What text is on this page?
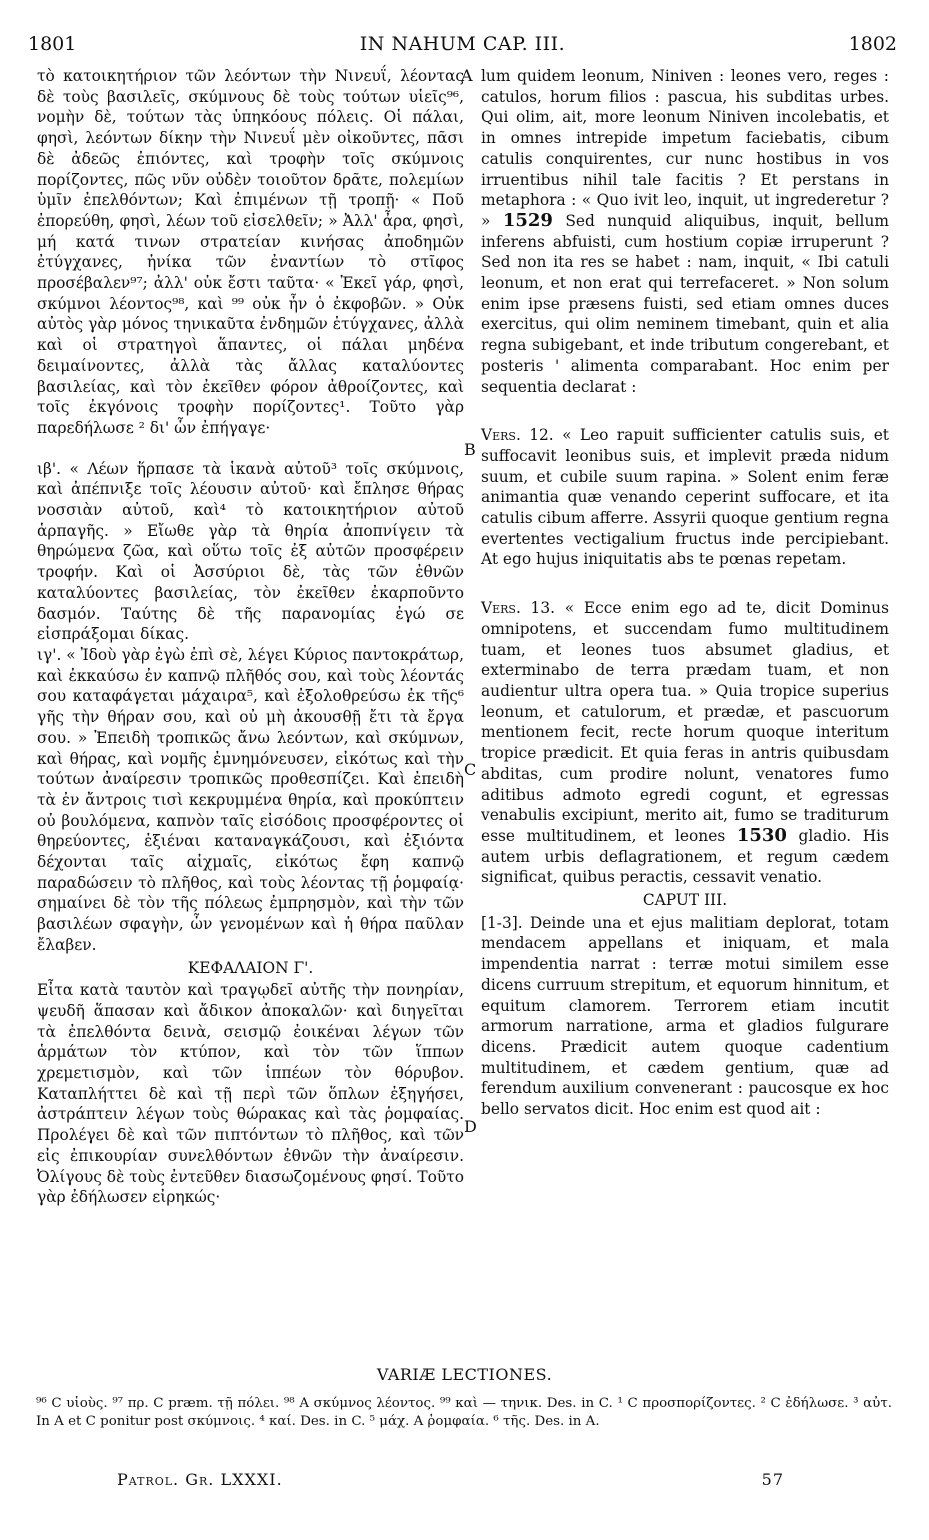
1801	IN NAHUM CAP. III.	1802
A
B
C
D

τὸ κατοικητήριον τῶν λεόντων τὴν Νινευΐ, λέοντας δὲ τοὺς βασιλεῖς, σκύμνους δὲ τοὺς τούτων υἱεῖς⁹⁶, νομὴν δὲ, τούτων τὰς ὑπηκόους πόλεις. Οἱ πάλαι, φησὶ, λεόντων δίκην τὴν Νινευΐ μὲν οἰκοῦντες, πᾶσι δὲ ἀδεῶς ἐπιόντες, καὶ τροφὴν τοῖς σκύμνοις πορίζοντες, πῶς νῦν οὐδὲν τοιοῦτον δρᾶτε, πολεμίων ὑμῖν ἐπελθόντων; Καὶ ἐπιμένων τῇ τροπῇ· « Ποῦ ἐπορεύθη, φησὶ, λέων τοῦ εἰσελθεῖν; » Ἀλλ' ἆρα, φησὶ, μή κατά τινων στρατείαν κινήσας ἀποδημῶν ἐτύγχανες, ἡνίκα τῶν ἐναντίων τὸ στῖφος προσέβαλεν⁹⁷; ἀλλ' οὐκ ἔστι ταῦτα· « Ἐκεῖ γάρ, φησὶ, σκύμνοι λέοντος⁹⁸, καὶ ⁹⁹ οὐκ ἦν ὁ ἐκφοβῶν. » Οὐκ αὐτὸς γὰρ μόνος τηνικαῦτα ἐνδημῶν ἐτύγχανες, ἀλλὰ καὶ οἱ στρατηγοὶ ἅπαντες, οἱ πάλαι μηδένα δειμαίνοντες, ἀλλὰ τὰς ἄλλας καταλύοντες βασιλείας, καὶ τὸν ἐκεῖθεν φόρον ἀθροίζοντες, καὶ τοῖς ἐκγόνοις τροφὴν πορίζοντες¹. Τοῦτο γὰρ παρεδήλωσε ² δι' ὧν ἐπήγαγε·

ιβ'. « Λέων ἥρπασε τὰ ἱκανὰ αὐτοῦ³ τοῖς σκύμνοις, καὶ ἀπέπνιξε τοῖς λέουσιν αὐτοῦ· καὶ ἔπλησε θήρας νοσσιὰν αὐτοῦ, καὶ⁴ τὸ κατοικητήριον αὐτοῦ ἁρπαγῆς. » Εἴωθε γὰρ τὰ θηρία ἀποπνίγειν τὰ θηρώμενα ζῶα, καὶ οὕτω τοῖς ἐξ αὐτῶν προσφέρειν τροφήν. Καὶ οἱ Ἀσσύριοι δὲ, τὰς τῶν ἐθνῶν καταλύοντες βασιλείας, τὸν ἐκεῖθεν ἐκαρποῦντο δασμόν. Ταύτης δὲ τῆς παρανομίας ἐγώ σε εἰσπράξομαι δίκας.

ιγ'. « Ἰδοὺ γὰρ ἐγὼ ἐπὶ σὲ, λέγει Κύριος παντοκράτωρ, καὶ ἐκκαύσω ἐν καπνῷ πλῆθός σου, καὶ τοὺς λέοντάς σου καταφάγεται μάχαιρα⁵, καὶ ἐξολοθρεύσω ἐκ τῆς⁶ γῆς τὴν θήραν σου, καὶ οὐ μὴ ἀκουσθῇ ἔτι τὰ ἔργα σου. » Ἐπειδὴ τροπικῶς ἄνω λεόντων, καὶ σκύμνων, καὶ θήρας, καὶ νομῆς ἐμνημόνευσεν, εἰκότως καὶ τὴν τούτων ἀναίρεσιν τροπικῶς προθεσπίζει. Καὶ ἐπειδὴ τὰ ἐν ἄντροις τισὶ κεκρυμμένα θηρία, καὶ προκύπτειν οὐ βουλόμενα, καπνὸν ταῖς εἰσόδοις προσφέροντες οἱ θηρεύοντες, ἐξιέναι καταναγκάζουσι, καὶ ἐξιόντα δέχονται ταῖς αἰχμαῖς, εἰκότως ἔφη καπνῷ παραδώσειν τὸ πλῆθος, καὶ τοὺς λέοντας τῇ ῥομφαίᾳ· σημαίνει δὲ τὸν τῆς πόλεως ἐμπρησμὸν, καὶ τὴν τῶν βασιλέων σφαγὴν, ὧν γενομένων καὶ ἡ θήρα παῦλαν ἔλαβεν.

ΚΕΦΑΛΑΙΟΝ Γ'.

Εἶτα κατὰ ταυτὸν καὶ τραγῳδεῖ αὐτῆς τὴν πονηρίαν, ψευδῆ ἅπασαν καὶ ἄδικον ἀποκαλῶν· καὶ διηγεῖται τὰ ἐπελθόντα δεινὰ, σεισμῷ ἐοικέναι λέγων τῶν ἁρμάτων τὸν κτύπον, καὶ τὸν τῶν ἵππων χρεμετισμὸν, καὶ τῶν ἱππέων τὸν θόρυβον. Καταπλήττει δὲ καὶ τῇ περὶ τῶν ὅπλων ἐξηγήσει, ἀστράπτειν λέγων τοὺς θώρακας καὶ τὰς ῥομφαίας. Προλέγει δὲ καὶ τῶν πιπτόντων τὸ πλῆθος, καὶ τῶν εἰς ἐπικουρίαν συνελθόντων ἐθνῶν τὴν ἀναίρεσιν. Ὀλίγους δὲ τοὺς ἐντεῦθεν διασωζομένους φησί. Τοῦτο γὰρ ἐδήλωσεν εἰρηκώς·

lum quidem leonum, Niniven : leones vero, reges : catulos, horum filios : pascua, his subditas urbes. Qui olim, ait, more leonum Niniven incolebatis, et in omnes intrepide impetum faciebatis, cibum catulis conquirentes, cur nunc hostibus in vos irruentibus nihil tale facitis ? Et perstans in metaphora : « Quo ivit leo, inquit, ut ingrederetur ? » 1529 Sed nunquid aliquibus, inquit, bellum inferens abfuisti, cum hostium copiæ irruperunt ? Sed non ita res se habet : nam, inquit, « Ibi catuli leonum, et non erat qui terrefaceret. » Non solum enim ipse præsens fuisti, sed etiam omnes duces exercitus, qui olim neminem timebant, quin et alia regna subigebant, et inde tributum congerebant, et posteris ' alimenta comparabant. Hoc enim per sequentia declarat :

Vers. 12. « Leo rapuit sufficienter catulis suis, et suffocavit leonibus suis, et implevit præda nidum suum, et cubile suum rapina. » Solent enim feræ animantia quæ venando ceperint suffocare, et ita catulis cibum afferre. Assyrii quoque gentium regna evertentes vectigalium fructus inde percipiebant. At ego hujus iniquitatis abs te pœnas repetam.

Vers. 13. « Ecce enim ego ad te, dicit Dominus omnipotens, et succendam fumo multitudinem tuam, et leones tuos absumet gladius, et exterminabo de terra prædam tuam, et non audientur ultra opera tua. » Quia tropice superius leonum, et catulorum, et prædæ, et pascuorum mentionem fecit, recte horum quoque interitum tropice prædicit. Et quia feras in antris quibusdam abditas, cum prodire nolunt, venatores fumo aditibus admoto egredi cogunt, et egressas venabulis excipiunt, merito ait, fumo se traditurum esse multitudinem, et leones 1530 gladio. His autem urbis deflagrationem, et regum cædem significat, quibus peractis, cessavit venatio.

CAPUT III.

[1-3]. Deinde una et ejus malitiam deplorat, totam mendacem appellans et iniquam, et mala impendentia narrat : terræ motui similem esse dicens curruum strepitum, et equorum hinnitum, et equitum clamorem. Terrorem etiam incutit armorum narratione, arma et gladios fulgurare dicens. Prædicit autem quoque cadentium multitudinem, et cædem gentium, quæ ad ferendum auxilium convenerant : paucosque ex hoc bello servatos dicit. Hoc enim est quod ait :

VARIÆ LECTIONES.
⁹⁶ C υἱοὺς. ⁹⁷ πρ. C præm. τῇ πόλει. ⁹⁸ A σκύμνος λέοντος. ⁹⁹ καὶ — τηνικ. Des. in C. ¹ C προσπορίζοντες. ² C ἐδήλωσε. ³ αὐτ. In A et C ponitur post σκύμνοις. ⁴ καί. Des. in C. ⁵ μάχ. A ῥομφαία. ⁶ τῆς. Des. in A.
Patrol. Gr. LXXXI.	57
